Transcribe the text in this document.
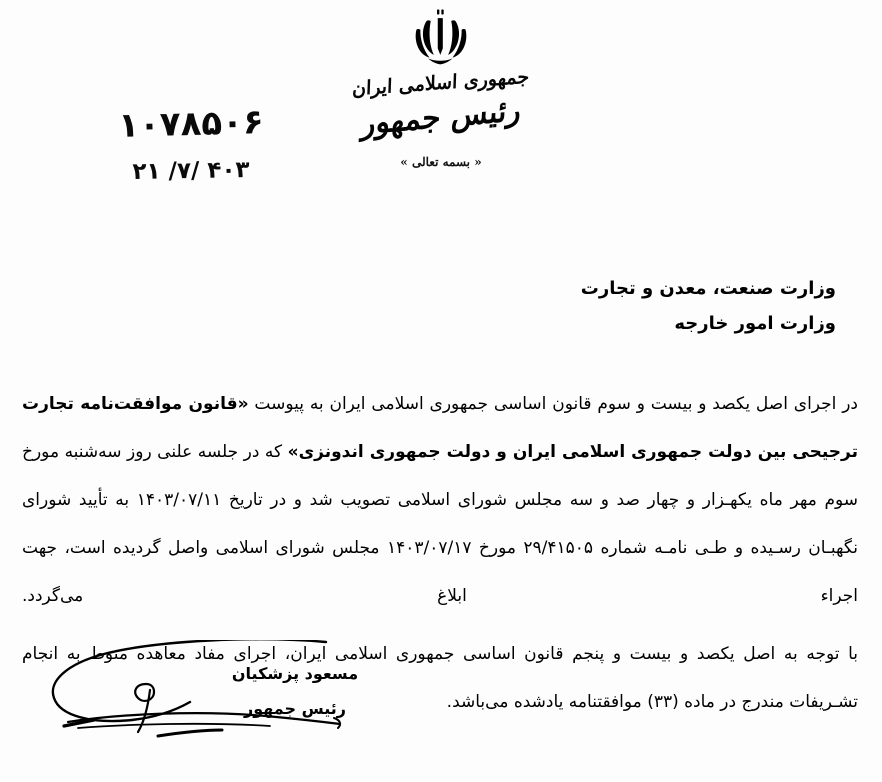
جمهوری اسلامی ایران
رئیس جمهور
« بسمه تعالی »
۱۰۷۸۵۰۶
۴۰۳ /۷/ ۲۱
وزارت صنعت، معدن و تجارت
وزارت امور خارجه

در اجرای اصل یکصد و بیست و سوم قانون اساسی جمهوری اسلامی ایران به پیوست «قانون موافقت‌نامه تجارت ترجیحی بین دولت جمهوری اسلامی ایران و دولت جمهوری اندونزی» که در جلسه علنی روز سه‌شنبه مورخ سوم مهر ماه یکهـزار و چهار صد و سه مجلس شورای اسلامی تصویب شد و در تاریخ ۱۴۰۳/۰۷/۱۱ به تأیید شورای نگهبـان رسـیده و طـی نامـه شماره ۲۹/۴۱۵۰۵ مورخ ۱۴۰۳/۰۷/۱۷ مجلس شورای اسلامی واصل گردیده است، جهت اجراء ابلاغ می‌گردد.

با توجه به اصل یکصد و بیست و پنجم قانون اساسی جمهوری اسلامی ایران، اجرای مفاد معاهده منوط به انجام تشـریفات مندرج در ماده (۳۳) موافقتنامه یادشده می‌باشد.

مسعود پزشکیان
رئیس جمهور
